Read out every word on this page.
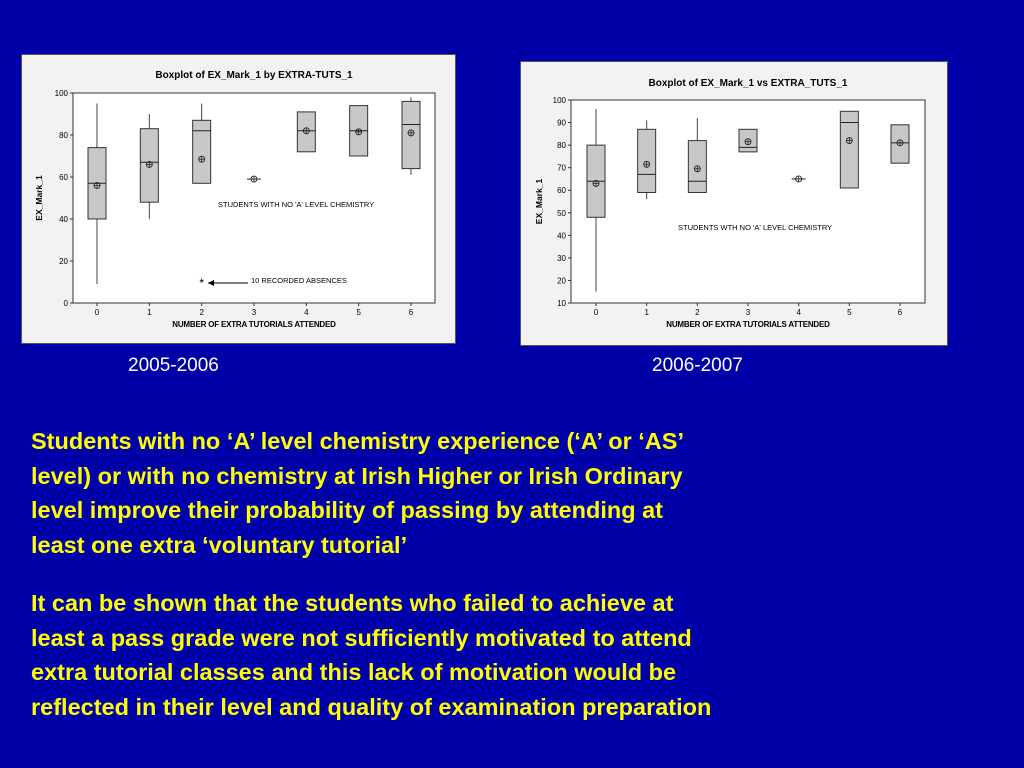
Boxplot of EX_Mark_1 by EXTRA-TUTS_1
0
20
40
60
80
100
EX_Mark_1
0	1	2	3	4	5	6
NUMBER OF EXTRA TUTORIALS ATTENDED
*
STUDENTS WITH NO 'A' LEVEL CHEMISTRY
10 RECORDED ABSENCES
2005-2006
Boxplot of EX_Mark_1 vs EXTRA_TUTS_1
10
20
30
40
50
60
70
80
90
100
EX_Mark_1
0	1	2	3	4	5	6
NUMBER OF EXTRA TUTORIALS ATTENDED
STUDENTS WTH NO 'A' LEVEL CHEMISTRY
2006-2007

Students with no ‘A’ level chemistry experience (‘A’ or ‘AS’
level) or with no chemistry at Irish Higher or Irish Ordinary
level improve their probability of passing by attending at
least one extra ‘voluntary tutorial’

It can be shown that the students who failed to achieve at
least a pass grade were not sufficiently motivated to attend
extra tutorial classes and this lack of motivation would be
reflected in their level and quality of examination preparation
